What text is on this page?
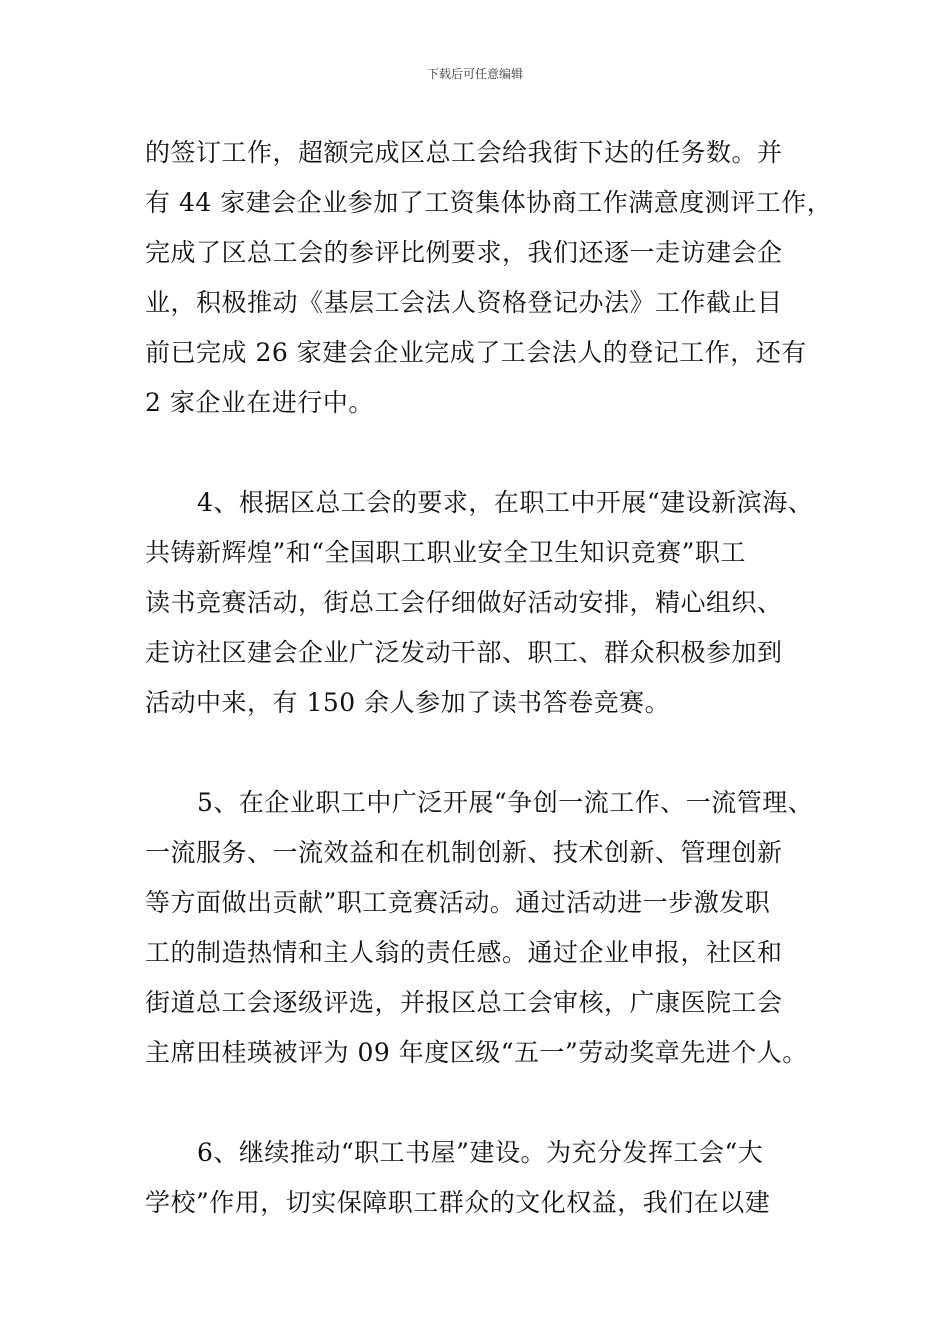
下载后可任意编辑
的签订工作，超额完成区总工会给我街下达的任务数。并
有 44 家建会企业参加了工资集体协商工作满意度测评工作，
完成了区总工会的参评比例要求，我们还逐一走访建会企
业，积极推动《基层工会法人资格登记办法》工作截止目
前已完成 26 家建会企业完成了工会法人的登记工作，还有
2 家企业在进行中。
4、根据区总工会的要求，在职工中开展“建设新滨海、
共铸新辉煌”和“全国职工职业安全卫生知识竞赛”职工
读书竞赛活动，街总工会仔细做好活动安排，精心组织、
走访社区建会企业广泛发动干部、职工、群众积极参加到
活动中来，有 150 余人参加了读书答卷竞赛。
5、在企业职工中广泛开展“争创一流工作、一流管理、
一流服务、一流效益和在机制创新、技术创新、管理创新
等方面做出贡献”职工竞赛活动。通过活动进一步激发职
工的制造热情和主人翁的责任感。通过企业申报，社区和
街道总工会逐级评选，并报区总工会审核，广康医院工会
主席田桂瑛被评为 09 年度区级“五一”劳动奖章先进个人。
6、继续推动“职工书屋”建设。为充分发挥工会“大
学校”作用，切实保障职工群众的文化权益，我们在以建
